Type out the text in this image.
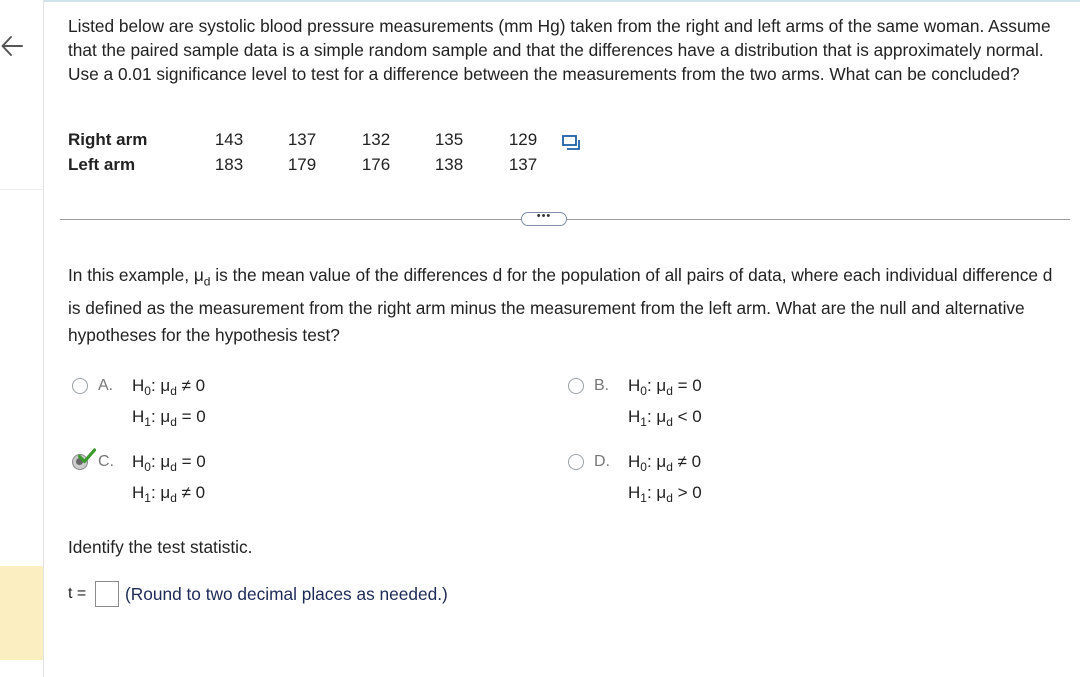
Listed below are systolic blood pressure measurements (mm Hg) taken from the right and left arms of the same woman. Assume that the paired sample data is a simple random sample and that the differences have a distribution that is approximately normal. Use a 0.01 significance level to test for a difference between the measurements from the two arms. What can be concluded?
Right arm	143	137	132	135	129
Left arm	183	179	176	138	137
•••
In this example, $\mu_d$ is the mean value of the differences d for the population of all pairs of data, where each individual difference d is defined as the measurement from the right arm minus the measurement from the left arm. What are the null and alternative hypotheses for the hypothesis test?
A. $H_0$: $\mu_d \ne 0$
$H_1$: $\mu_d = 0$
B. $H_0$: $\mu_d = 0$
$H_1$: $\mu_d < 0$
C. $H_0$: $\mu_d = 0$
$H_1$: $\mu_d \ne 0$
D. $H_0$: $\mu_d \ne 0$
$H_1$: $\mu_d > 0$
Identify the test statistic.
t = (Round to two decimal places as needed.)
